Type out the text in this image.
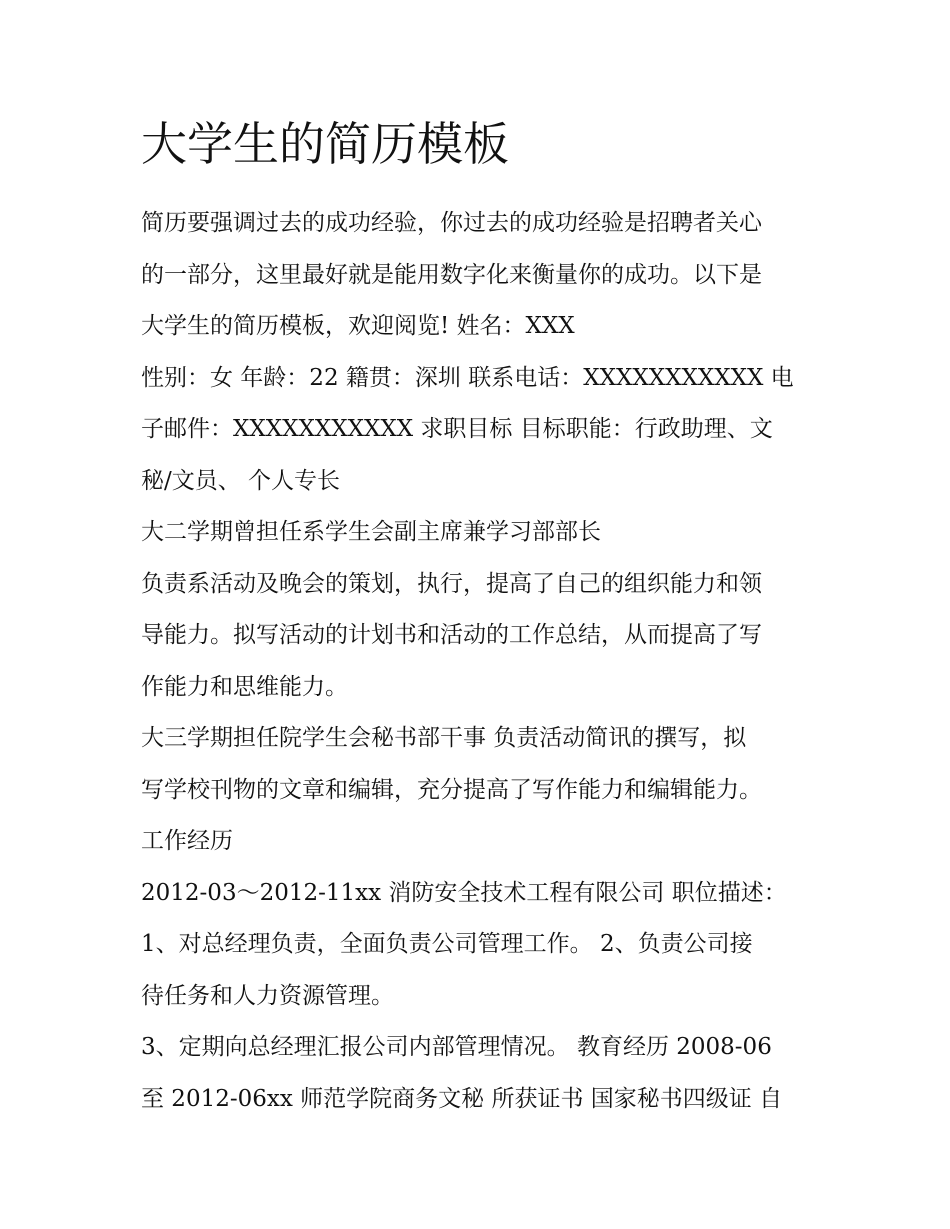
大学生的简历模板

简历要强调过去的成功经验，你过去的成功经验是招聘者关心

的一部分，这里最好就是能用数字化来衡量你的成功。以下是

大学生的简历模板，欢迎阅览! 姓名：XXX

性别：女 年龄：22 籍贯：深圳 联系电话：XXXXXXXXXXX 电

子邮件：XXXXXXXXXXX 求职目标 目标职能：行政助理、文

秘/文员、 个人专长

大二学期曾担任系学生会副主席兼学习部部长

负责系活动及晚会的策划，执行，提高了自己的组织能力和领

导能力。拟写活动的计划书和活动的工作总结，从而提高了写

作能力和思维能力。

大三学期担任院学生会秘书部干事 负责活动简讯的撰写，拟

写学校刊物的文章和编辑，充分提高了写作能力和编辑能力。

工作经历

2012-03～2012-11xx 消防安全技术工程有限公司 职位描述：

1、对总经理负责，全面负责公司管理工作。 2、负责公司接

待任务和人力资源管理。

3、定期向总经理汇报公司内部管理情况。 教育经历 2008-06

至 2012-06xx 师范学院商务文秘 所获证书 国家秘书四级证 自
